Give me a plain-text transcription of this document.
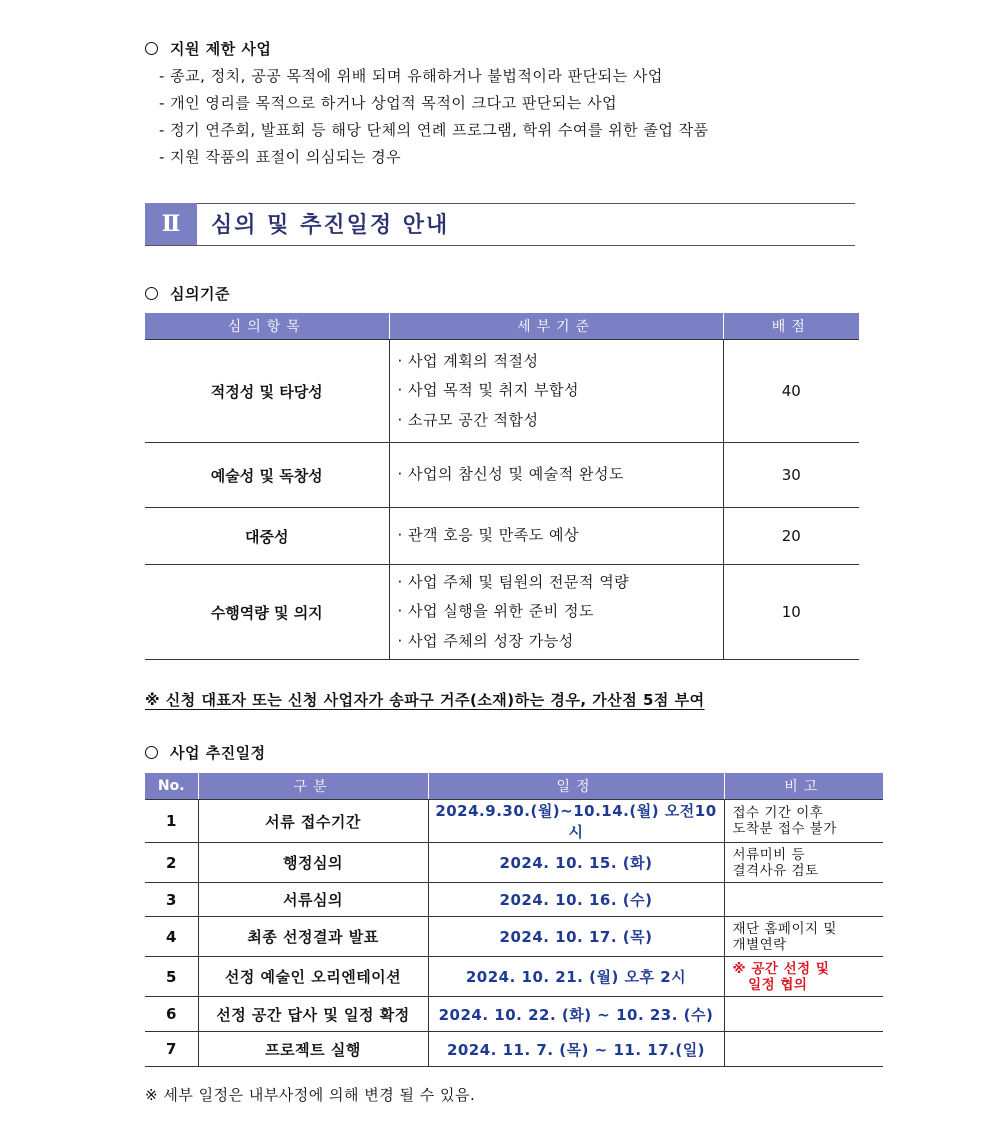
지원 제한 사업
- 종교, 정치, 공공 목적에 위배 되며 유해하거나 불법적이라 판단되는 사업
- 개인 영리를 목적으로 하거나 상업적 목적이 크다고 판단되는 사업
- 정기 연주회, 발표회 등 해당 단체의 연례 프로그램, 학위 수여를 위한 졸업 작품
- 지원 작품의 표절이 의심되는 경우
Ⅱ	심의 및 추진일정 안내
심의기준
심의항목	세부기준	배점
적정성 및 타당성	· 사업 계획의 적절성
· 사업 목적 및 취지 부합성
· 소규모 공간 적합성	40
예술성 및 독창성	· 사업의 참신성 및 예술적 완성도	30
대중성	· 관객 호응 및 만족도 예상	20
수행역량 및 의지	· 사업 주체 및 팀원의 전문적 역량
· 사업 실행을 위한 준비 정도
· 사업 주체의 성장 가능성	10
※ 신청 대표자 또는 신청 사업자가 송파구 거주(소재)하는 경우, 가산점 5점 부여
사업 추진일정
No.	구분	일정	비고
1	서류 접수기간	2024.9.30.(월)~10.14.(월) 오전10시	접수 기간 이후
도착분 접수 불가

2	행정심의	2024. 10. 15. (화)	서류미비 등
결격사유 검토

3	서류심의	2024. 10. 16. (수)	
4	최종 선정결과 발표	2024. 10. 17. (목)	재단 홈페이지 및
개별연락

5	선정 예술인 오리엔테이션	2024. 10. 21. (월) 오후 2시	※ 공간 선정 및
일정 협의

6	선정 공간 답사 및 일정 확정	2024. 10. 22. (화) ~ 10. 23. (수)	
7	프로젝트 실행	2024. 11. 7. (목) ~ 11. 17.(일)	
※ 세부 일정은 내부사정에 의해 변경 될 수 있음.
